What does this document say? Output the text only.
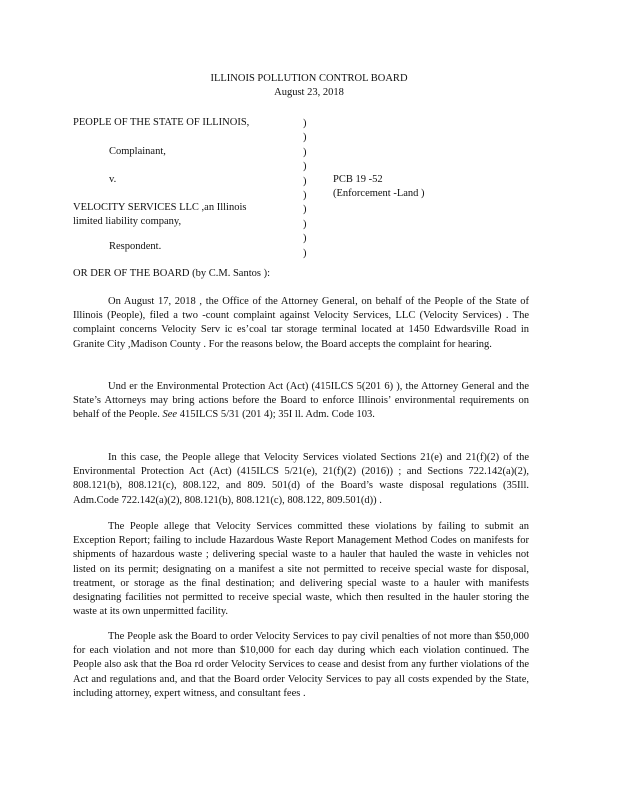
ILLINOIS POLLUTION CONTROL BOARD
August 23, 2018
PEOPLE OF THE STATE OF ILLINOIS,
Complainant,
v.
VELOCITY SERVICES LLC ,an Illinois
limited liability company,
Respondent.
)
)
)
)
)
)
)
)
)
)
PCB 19 -52
(Enforcement -Land )
OR DER OF THE BOARD (by C.M. Santos ):

On August 17, 2018 , the Office of the Attorney General, on behalf of the People of the State of Illinois (People), filed a two -count complaint against Velocity Services, LLC (Velocity Services) . The complaint concerns Velocity Serv ic es’coal tar storage terminal located at 1450 Edwardsville Road in Granite City ,Madison County . For the reasons below, the Board accepts the complaint for hearing.

Und er the Environmental Protection Act (Act) (415ILCS 5(201 6) ), the Attorney General and the State’s Attorneys may bring actions before the Board to enforce Illinois’ environmental requirements on behalf of the People. See 415ILCS 5/31 (201 4); 35I ll. Adm. Code 103.

In this case, the People allege that Velocity Services violated Sections 21(e) and 21(f)(2) of the Environmental Protection Act (Act) (415ILCS 5/21(e), 21(f)(2) (2016)) ; and Sections 722.142(a)(2), 808.121(b), 808.121(c), 808.122, and 809. 501(d) of the Board’s waste disposal regulations (35Ill. Adm.Code 722.142(a)(2), 808.121(b), 808.121(c), 808.122, 809.501(d)) .

The People allege that Velocity Services committed these violations by failing to submit an Exception Report; failing to include Hazardous Waste Report Management Method Codes on manifests for shipments of hazardous waste ; delivering special waste to a hauler that hauled the waste in vehicles not listed on its permit; designating on a manifest a site not permitted to receive special waste for disposal, treatment, or storage as the final destination; and delivering special waste to a hauler with manifests designating facilities not permitted to receive special waste, which then resulted in the hauler storing the waste at its own unpermitted facility.

The People ask the Board to order Velocity Services to pay civil penalties of not more than $50,000 for each violation and not more than $10,000 for each day during which each violation continued. The People also ask that the Boa rd order Velocity Services to cease and desist from any further violations of the Act and regulations and, and that the Board order Velocity Services to pay all costs expended by the State, including attorney, expert witness, and consultant fees .
